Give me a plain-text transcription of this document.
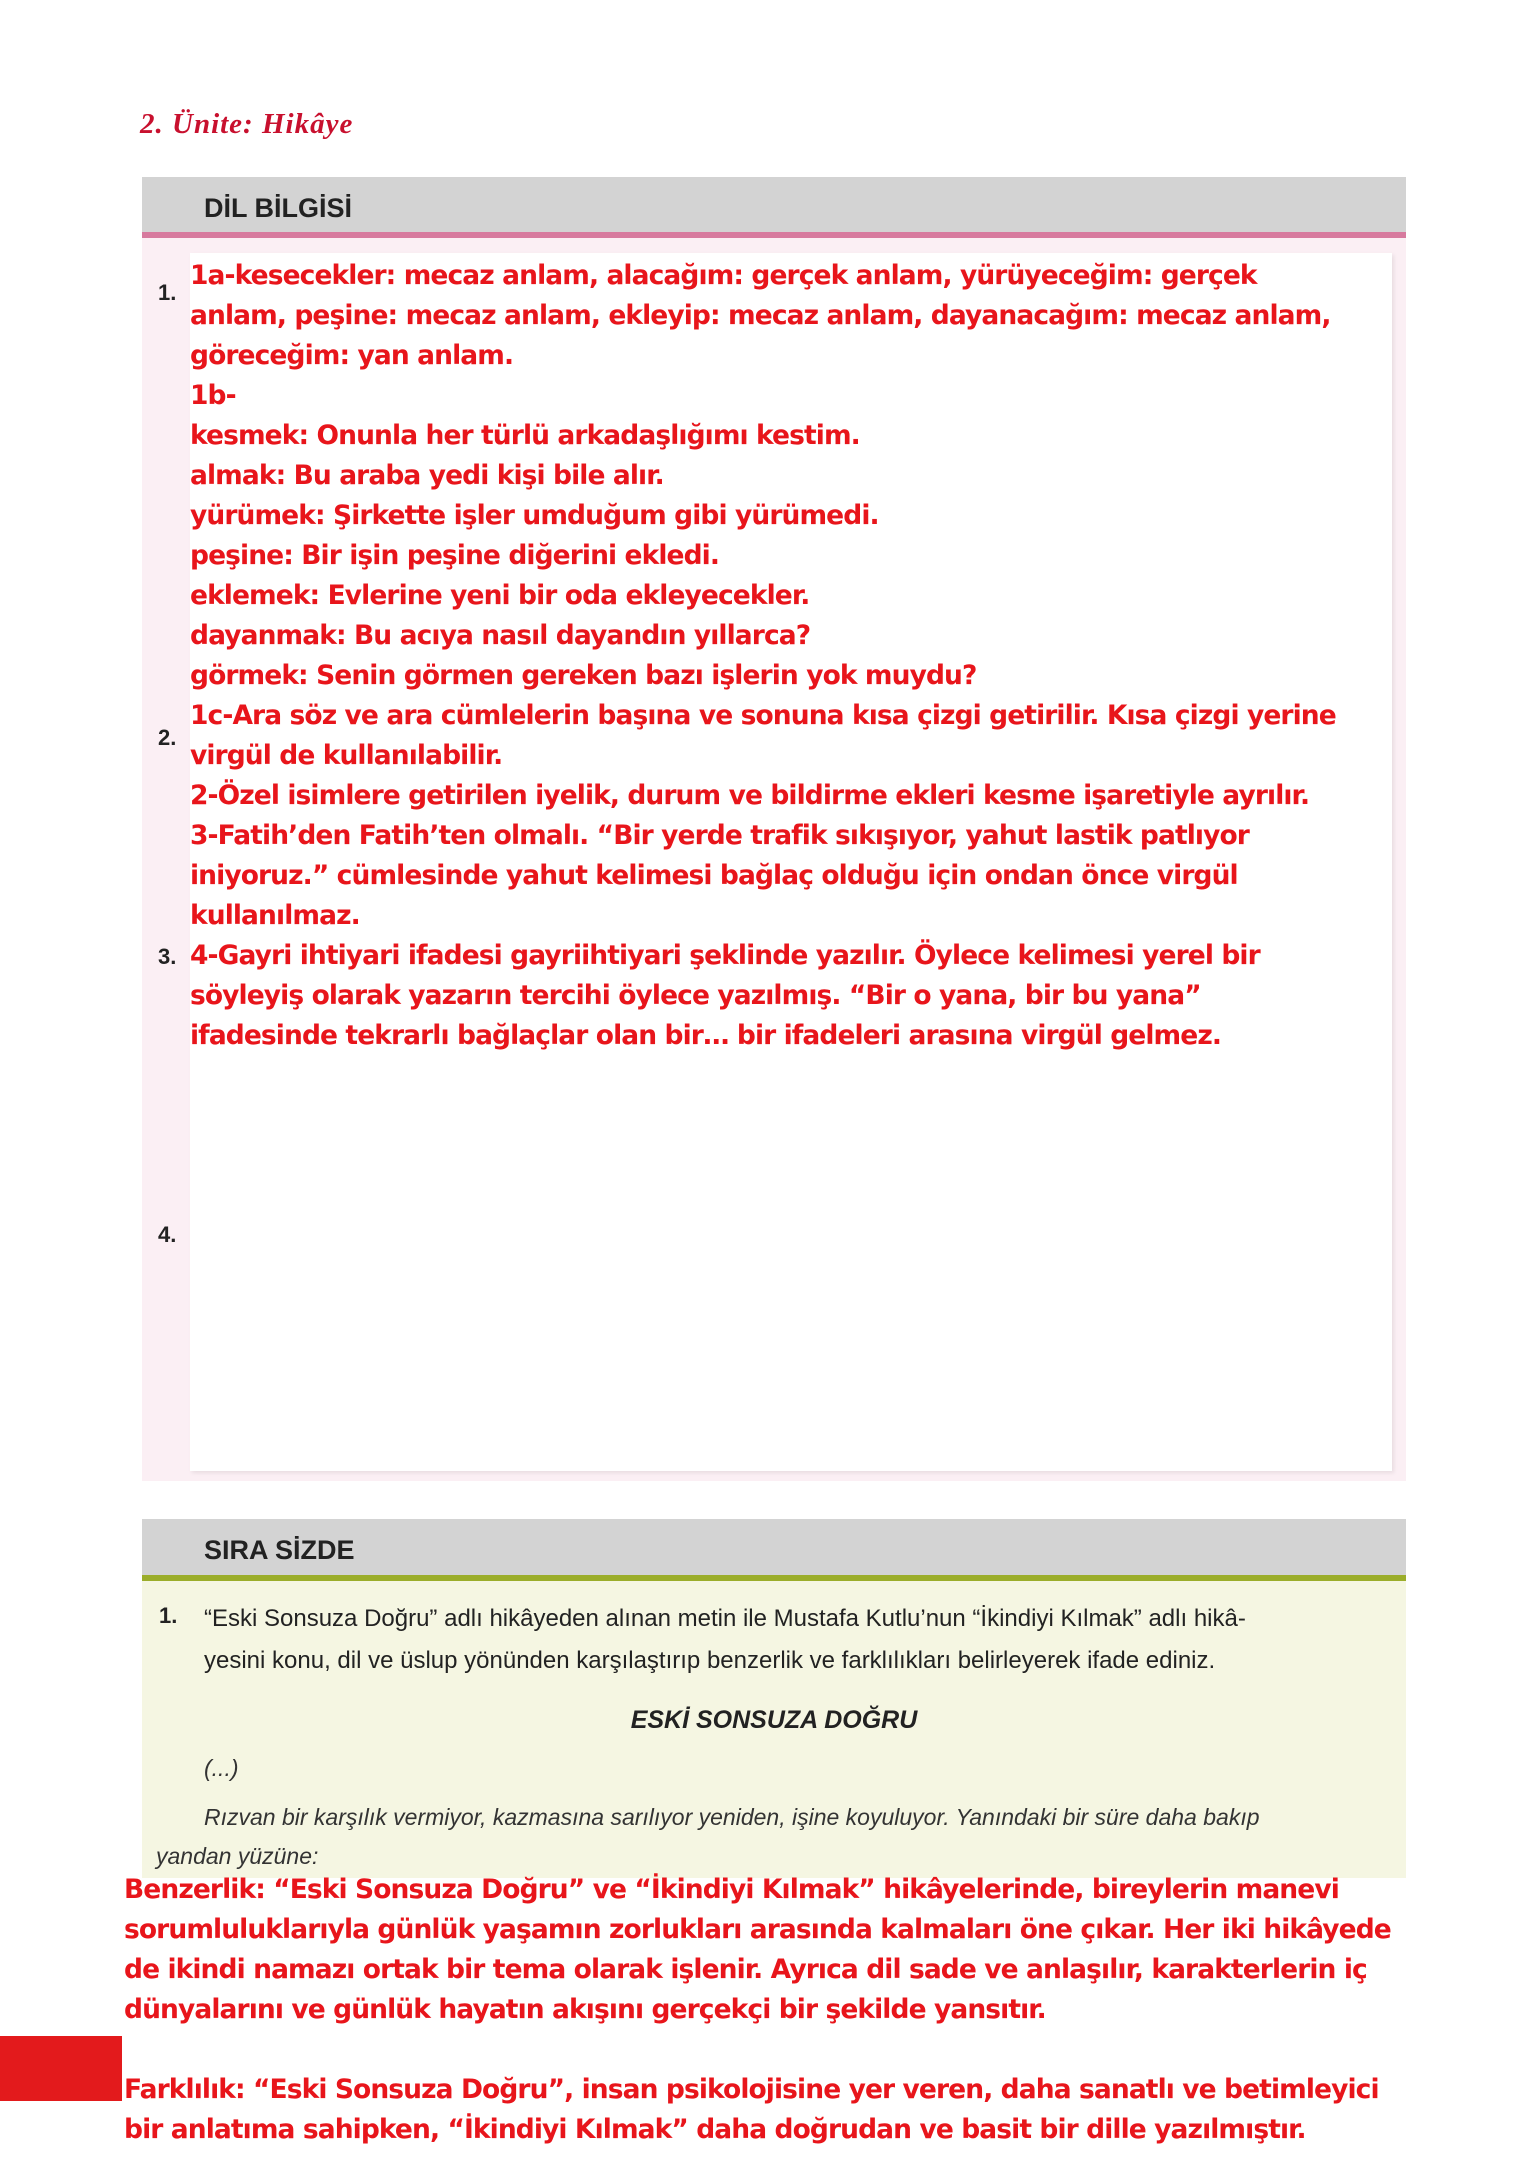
2. Ünite: Hikâye
DİL BİLGİSİ
1.
2.
3.
4.
1a-kesecekler: mecaz anlam, alacağım: gerçek anlam, yürüyeceğim: gerçek
anlam, peşine: mecaz anlam, ekleyip: mecaz anlam, dayanacağım: mecaz anlam,
göreceğim: yan anlam.
1b-
kesmek: Onunla her türlü arkadaşlığımı kestim.
almak: Bu araba yedi kişi bile alır.
yürümek: Şirkette işler umduğum gibi yürümedi.
peşine: Bir işin peşine diğerini ekledi.
eklemek: Evlerine yeni bir oda ekleyecekler.
dayanmak: Bu acıya nasıl dayandın yıllarca?
görmek: Senin görmen gereken bazı işlerin yok muydu?
1c-Ara söz ve ara cümlelerin başına ve sonuna kısa çizgi getirilir. Kısa çizgi yerine
virgül de kullanılabilir.
2-Özel isimlere getirilen iyelik, durum ve bildirme ekleri kesme işaretiyle ayrılır.
3-Fatih’den Fatih’ten olmalı. “Bir yerde trafik sıkışıyor, yahut lastik patlıyor
iniyoruz.” cümlesinde yahut kelimesi bağlaç olduğu için ondan önce virgül
kullanılmaz.
4-Gayri ihtiyari ifadesi gayriihtiyari şeklinde yazılır. Öylece kelimesi yerel bir
söyleyiş olarak yazarın tercihi öylece yazılmış. “Bir o yana, bir bu yana”
ifadesinde tekrarlı bağlaçlar olan bir… bir ifadeleri arasına virgül gelmez.
SIRA SİZDE
1. “Eski Sonsuza Doğru” adlı hikâyeden alınan metin ile Mustafa Kutlu’nun “İkindiyi Kılmak” adlı hikâ-
yesini konu, dil ve üslup yönünden karşılaştırıp benzerlik ve farklılıkları belirleyerek ifade ediniz.
ESKİ SONSUZA DOĞRU
(...)
Rızvan bir karşılık vermiyor, kazmasına sarılıyor yeniden, işine koyuluyor. Yanındaki bir süre daha bakıp
yandan yüzüne:
Benzerlik: “Eski Sonsuza Doğru” ve “İkindiyi Kılmak” hikâyelerinde, bireylerin manevi
sorumluluklarıyla günlük yaşamın zorlukları arasında kalmaları öne çıkar. Her iki hikâyede
de ikindi namazı ortak bir tema olarak işlenir. Ayrıca dil sade ve anlaşılır, karakterlerin iç
dünyalarını ve günlük hayatın akışını gerçekçi bir şekilde yansıtır.
Farklılık: “Eski Sonsuza Doğru”, insan psikolojisine yer veren, daha sanatlı ve betimleyici
bir anlatıma sahipken, “İkindiyi Kılmak” daha doğrudan ve basit bir dille yazılmıştır.
